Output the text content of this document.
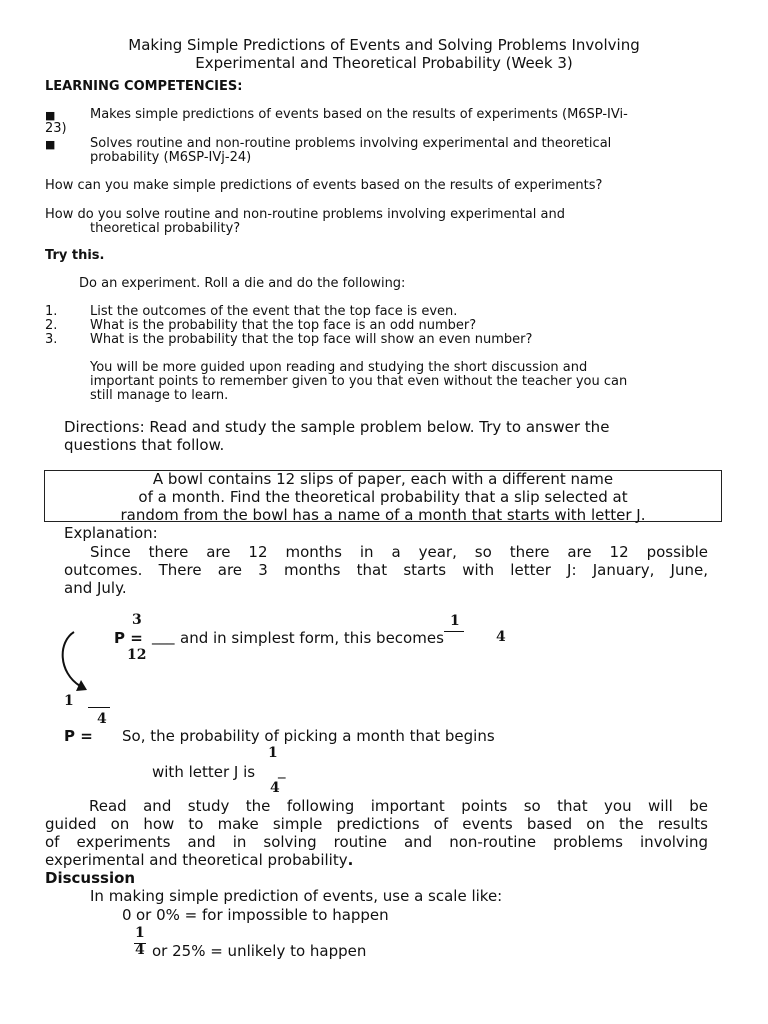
Making Simple Predictions of Events and Solving Problems Involving
Experimental and Theoretical Probability (Week 3)
LEARNING COMPETENCIES:
■	Makes simple predictions of events based on the results of experiments (M6SP-IVi-
23)
■	Solves routine and non-routine problems involving experimental and theoretical
probability (M6SP-IVj-24)
How can you make simple predictions of events based on the results of experiments?
How do you solve routine and non-routine problems involving experimental and
theoretical probability?
Try this.
Do an experiment. Roll a die and do the following:
1.	List the outcomes of the event that the top face is even.
2.	What is the probability that the top face is an odd number?
3.	What is the probability that the top face will show an even number?
You will be more guided upon reading and studying the short discussion and
important points to remember given to you that even without the teacher you can
still manage to learn.
Directions: Read and study the sample problem below. Try to answer the
questions that follow.
A bowl contains 12 slips of paper, each with a different name
of a month. Find the theoretical probability that a slip selected at
random from the bowl has a name of a month that starts with letter J.
Explanation:
Since there are 12 months in a year, so there are 12 possible
outcomes. There are 3 months that starts with letter J: January, June,
and July.
3
P = ___ and in simplest form, this becomes
12
1
4
1
4
P = So, the probability of picking a month that begins
1
with letter J is _
4
Read and study the following important points so that you will be
guided on how to make simple predictions of events based on the results
of experiments and in solving routine and non-routine problems involving
experimental and theoretical probability.
Discussion
In making simple prediction of events, use a scale like:
0 or 0% = for impossible to happen
1
4 or 25% = unlikely to happen
